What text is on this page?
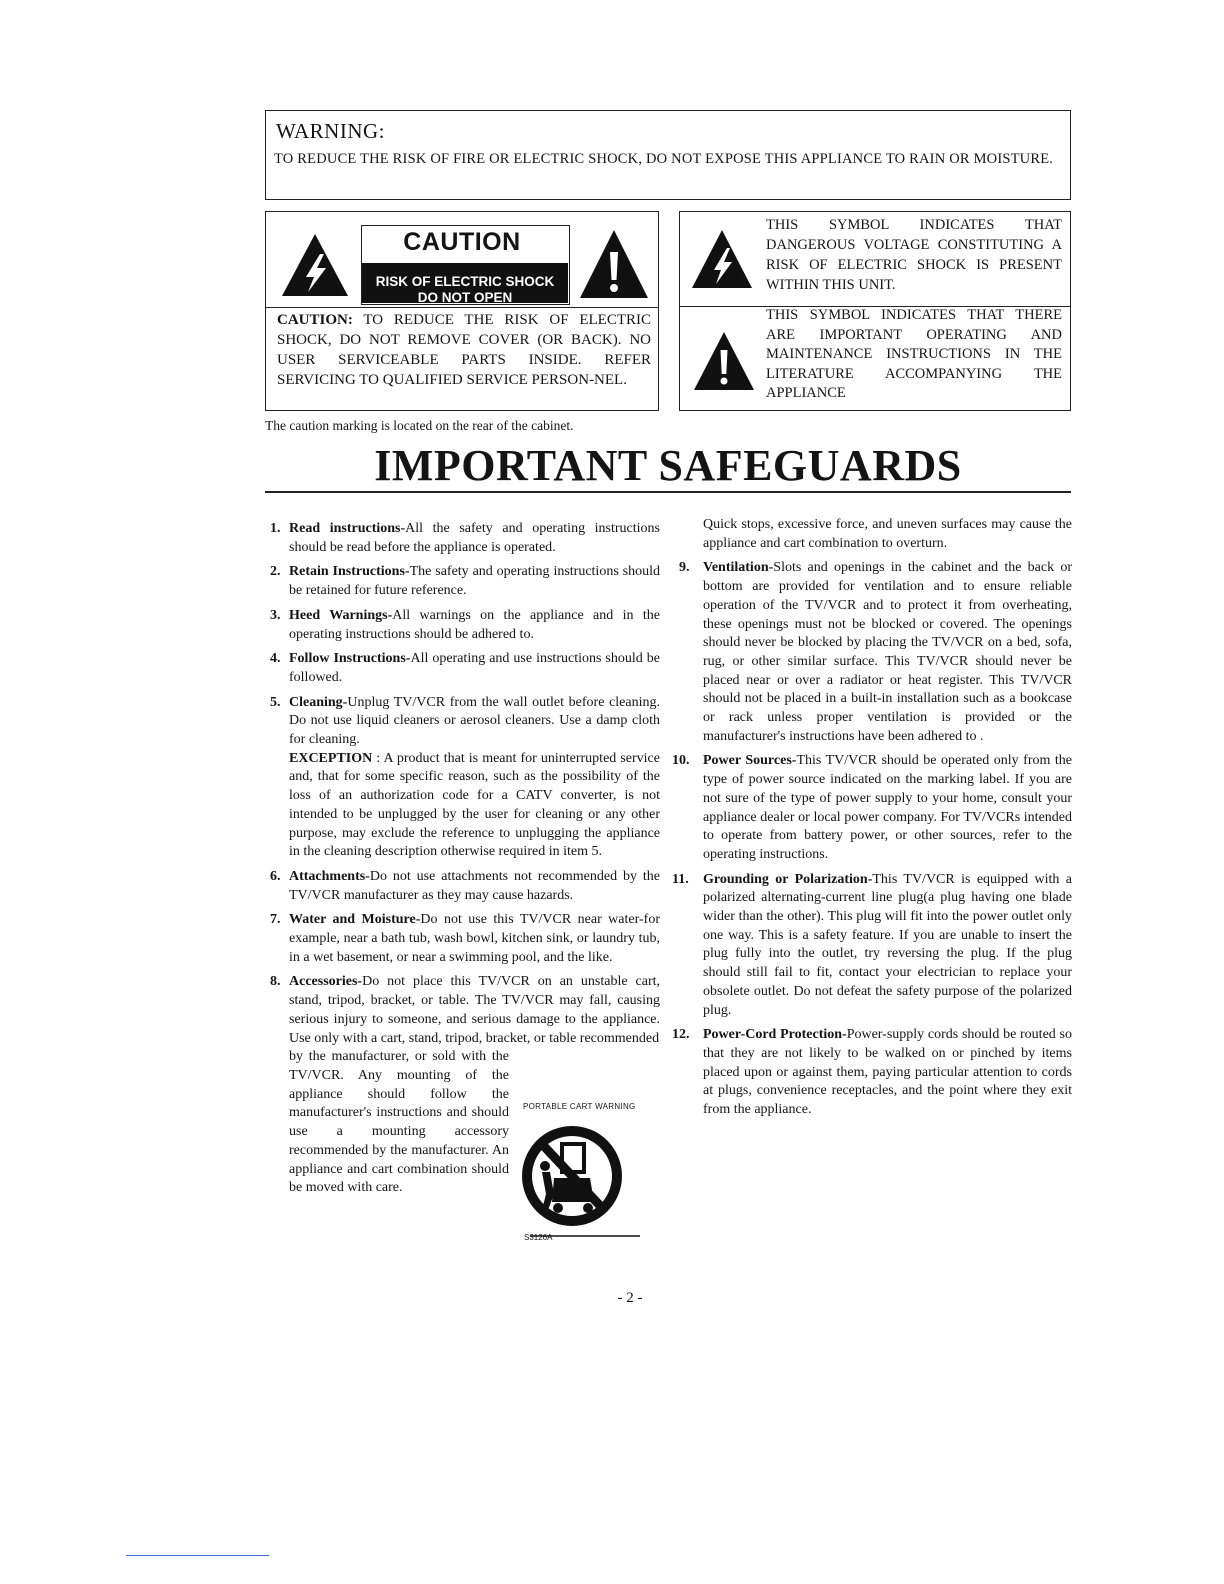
WARNING:
TO REDUCE THE RISK OF FIRE OR ELECTRIC SHOCK, DO NOT EXPOSE THIS APPLIANCE TO RAIN OR MOISTURE.
CAUTION
RISK OF ELECTRIC SHOCK
DO NOT OPEN
CAUTION: TO REDUCE THE RISK OF ELECTRIC SHOCK, DO NOT REMOVE COVER (OR BACK). NO USER SERVICEABLE PARTS INSIDE. REFER SERVICING TO QUALIFIED SERVICE PERSON-NEL.
THIS SYMBOL INDICATES THAT DANGEROUS VOLTAGE CONSTITUTING A RISK OF ELECTRIC SHOCK IS PRESENT WITHIN THIS UNIT.
THIS SYMBOL INDICATES THAT THERE ARE IMPORTANT OPERATING AND MAINTENANCE INSTRUCTIONS IN THE LITERATURE ACCOMPANYING THE APPLIANCE
The caution marking is located on the rear of the cabinet.
IMPORTANT SAFEGUARDS
1. Read instructions-All the safety and operating instructions should be read before the appliance is operated.
2. Retain Instructions-The safety and operating instructions should be retained for future reference.
3. Heed Warnings-All warnings on the appliance and in the operating instructions should be adhered to.
4. Follow Instructions-All operating and use instructions should be followed.
5. Cleaning-Unplug TV/VCR from the wall outlet before cleaning. Do not use liquid cleaners or aerosol cleaners. Use a damp cloth for cleaning.
EXCEPTION : A product that is meant for uninterrupted service and, that for some specific reason, such as the possibility of the loss of an authorization code for a CATV converter, is not intended to be unplugged by the user for cleaning or any other purpose, may exclude the reference to unplugging the appliance in the cleaning description otherwise required in item 5.
6. Attachments-Do not use attachments not recommended by the TV/VCR manufacturer as they may cause hazards.
7. Water and Moisture-Do not use this TV/VCR near water-for example, near a bath tub, wash bowl, kitchen sink, or laundry tub, in a wet basement, or near a swimming pool, and the like.
8. Accessories-Do not place this TV/VCR on an unstable cart, stand, tripod, bracket, or table. The TV/VCR may fall, causing serious injury to someone, and serious damage to the appliance. Use only with a cart, stand, tripod, bracket, or table recommended
by the manufacturer, or sold with the TV/VCR. Any mounting of the appliance should follow the manufacturer's instructions and should use a mounting accessory recommended by the manufacturer. An appliance and cart combination should be moved with care.
PORTABLE CART WARNING
S3126A
Quick stops, excessive force, and uneven surfaces may cause the appliance and cart combination to overturn.
9. Ventilation-Slots and openings in the cabinet and the back or bottom are provided for ventilation and to ensure reliable operation of the TV/VCR and to protect it from overheating, these openings must not be blocked or covered. The openings should never be blocked by placing the TV/VCR on a bed, sofa, rug, or other similar surface. This TV/VCR should never be placed near or over a radiator or heat register. This TV/VCR should not be placed in a built-in installation such as a bookcase or rack unless proper ventilation is provided or the manufacturer's instructions have been adhered to .
10. Power Sources-This TV/VCR should be operated only from the type of power source indicated on the marking label. If you are not sure of the type of power supply to your home, consult your appliance dealer or local power company. For TV/VCRs intended to operate from battery power, or other sources, refer to the operating instructions.
11. Grounding or Polarization-This TV/VCR is equipped with a polarized alternating-current line plug(a plug having one blade wider than the other). This plug will fit into the power outlet only one way. This is a safety feature. If you are unable to insert the plug fully into the outlet, try reversing the plug. If the plug should still fail to fit, contact your electrician to replace your obsolete outlet. Do not defeat the safety purpose of the polarized plug.
12. Power-Cord Protection-Power-supply cords should be routed so that they are not likely to be walked on or pinched by items placed upon or against them, paying particular attention to cords at plugs, convenience receptacles, and the point where they exit from the appliance.
- 2 -
